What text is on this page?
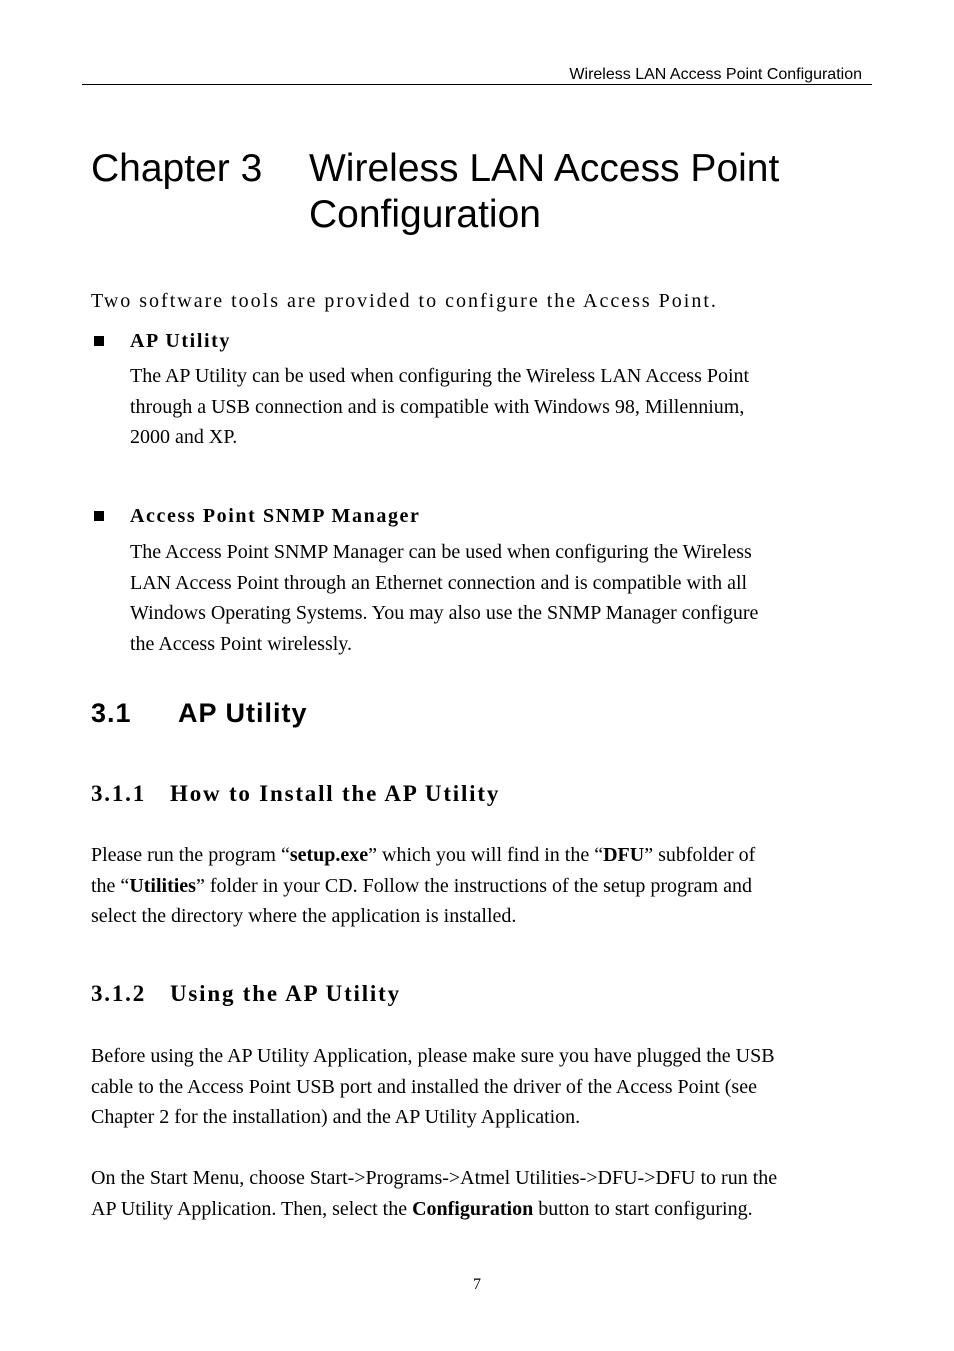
Wireless LAN Access Point Configuration
Chapter 3 Wireless LAN Access Point
Configuration
Two software tools are provided to configure the Access Point.
AP Utility
The AP Utility can be used when configuring the Wireless LAN Access Point
through a USB connection and is compatible with Windows 98, Millennium,
2000 and XP.
Access Point SNMP Manager
The Access Point SNMP Manager can be used when configuring the Wireless
LAN Access Point through an Ethernet connection and is compatible with all
Windows Operating Systems. You may also use the SNMP Manager configure
the Access Point wirelessly.
3.1 AP Utility
3.1.1 How to Install the AP Utility
Please run the program “setup.exe” which you will find in the “DFU” subfolder of
the “Utilities” folder in your CD. Follow the instructions of the setup program and
select the directory where the application is installed.
3.1.2 Using the AP Utility
Before using the AP Utility Application, please make sure you have plugged the USB
cable to the Access Point USB port and installed the driver of the Access Point (see
Chapter 2 for the installation) and the AP Utility Application.
On the Start Menu, choose Start->Programs->Atmel Utilities->DFU->DFU to run the
AP Utility Application. Then, select the Configuration button to start configuring.
7
